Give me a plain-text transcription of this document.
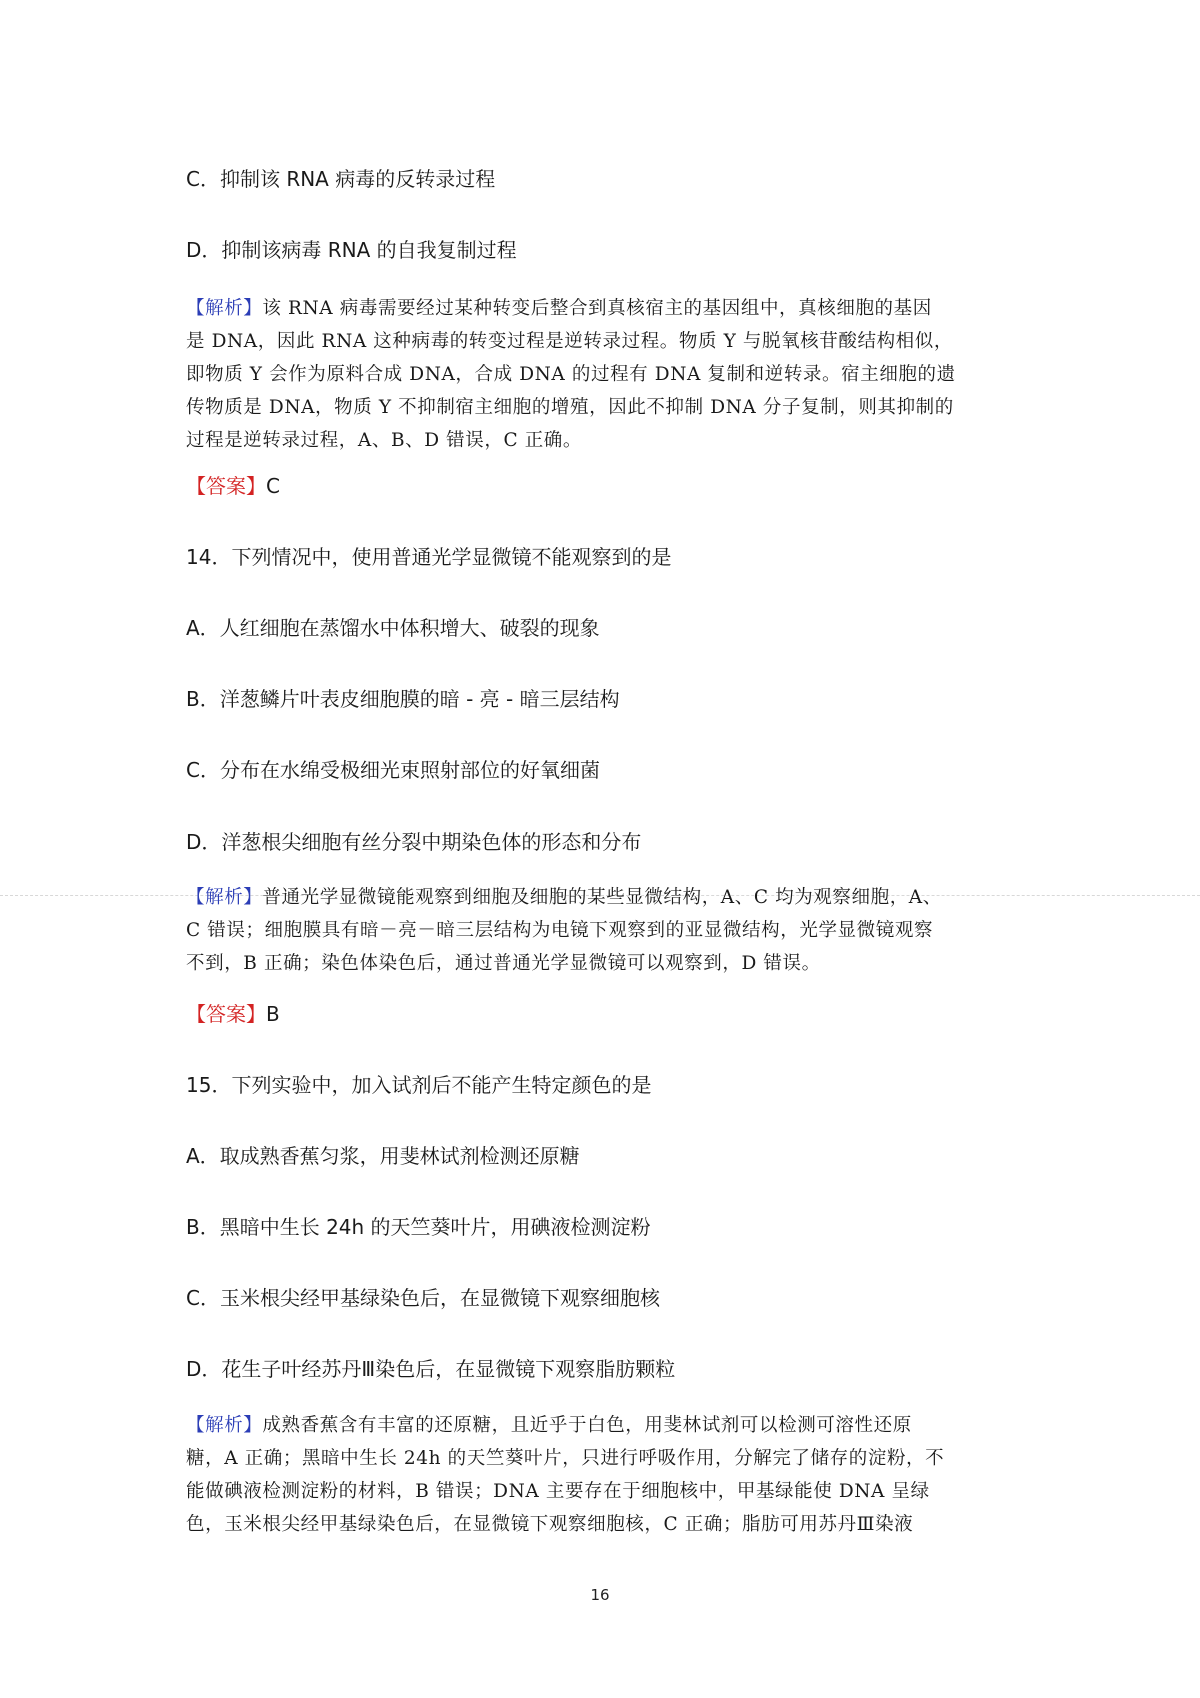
C．抑制该 RNA 病毒的反转录过程
D．抑制该病毒 RNA 的自我复制过程
【解析】该 RNA 病毒需要经过某种转变后整合到真核宿主的基因组中，真核细胞的基因
是 DNA，因此 RNA 这种病毒的转变过程是逆转录过程。物质 Y 与脱氧核苷酸结构相似，
即物质 Y 会作为原料合成 DNA，合成 DNA 的过程有 DNA 复制和逆转录。宿主细胞的遗
传物质是 DNA，物质 Y 不抑制宿主细胞的增殖，因此不抑制 DNA 分子复制，则其抑制的
过程是逆转录过程，A、B、D 错误，C 正确。
【答案】C
14．下列情况中，使用普通光学显微镜不能观察到的是
A．人红细胞在蒸馏水中体积增大、破裂的现象
B．洋葱鳞片叶表皮细胞膜的暗 - 亮 - 暗三层结构
C．分布在水绵受极细光束照射部位的好氧细菌
D．洋葱根尖细胞有丝分裂中期染色体的形态和分布
【解析】普通光学显微镜能观察到细胞及细胞的某些显微结构，A、C 均为观察细胞，A、
C 错误；细胞膜具有暗－亮－暗三层结构为电镜下观察到的亚显微结构，光学显微镜观察
不到，B 正确；染色体染色后，通过普通光学显微镜可以观察到，D 错误。
【答案】B
15．下列实验中，加入试剂后不能产生特定颜色的是
A．取成熟香蕉匀浆，用斐林试剂检测还原糖
B．黑暗中生长 24h 的天竺葵叶片，用碘液检测淀粉
C．玉米根尖经甲基绿染色后，在显微镜下观察细胞核
D．花生子叶经苏丹Ⅲ染色后，在显微镜下观察脂肪颗粒
【解析】成熟香蕉含有丰富的还原糖，且近乎于白色，用斐林试剂可以检测可溶性还原
糖，A 正确；黑暗中生长 24h 的天竺葵叶片，只进行呼吸作用，分解完了储存的淀粉，不
能做碘液检测淀粉的材料，B 错误；DNA 主要存在于细胞核中，甲基绿能使 DNA 呈绿
色，玉米根尖经甲基绿染色后，在显微镜下观察细胞核，C 正确；脂肪可用苏丹Ⅲ染液
16
